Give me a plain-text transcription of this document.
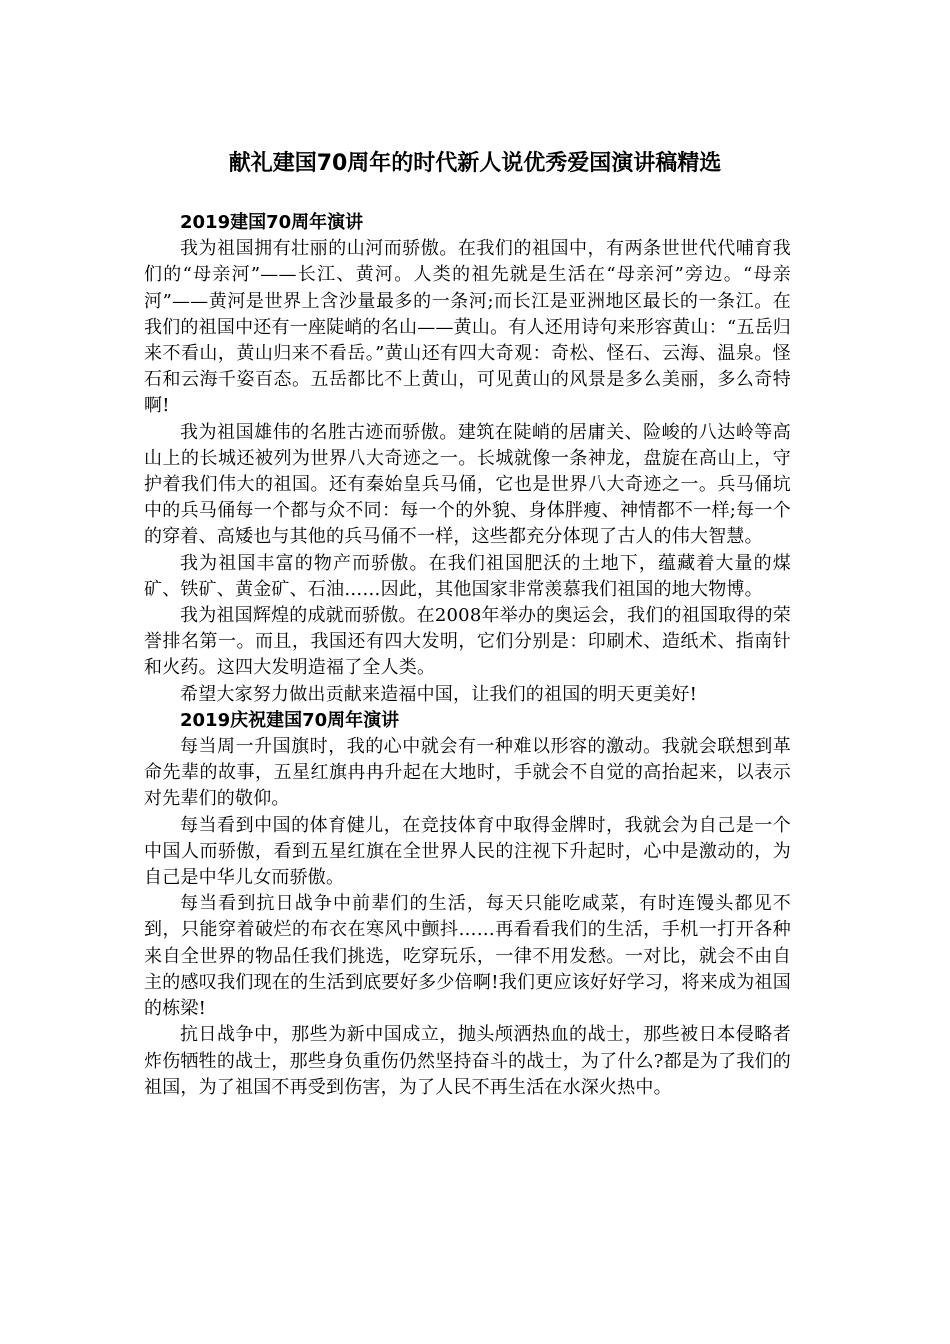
献礼建国70周年的时代新人说优秀爱国演讲稿精选

2019建国70周年演讲

我为祖国拥有壮丽的山河而骄傲。在我们的祖国中，有两条世世代代哺育我们的“母亲河”——长江、黄河。人类的祖先就是生活在“母亲河”旁边。“母亲河”——黄河是世界上含沙量最多的一条河;而长江是亚洲地区最长的一条江。在我们的祖国中还有一座陡峭的名山——黄山。有人还用诗句来形容黄山：“五岳归来不看山，黄山归来不看岳。”黄山还有四大奇观：奇松、怪石、云海、温泉。怪石和云海千姿百态。五岳都比不上黄山，可见黄山的风景是多么美丽，多么奇特啊!

我为祖国雄伟的名胜古迹而骄傲。建筑在陡峭的居庸关、险峻的八达岭等高山上的长城还被列为世界八大奇迹之一。长城就像一条神龙，盘旋在高山上，守护着我们伟大的祖国。还有秦始皇兵马俑，它也是世界八大奇迹之一。兵马俑坑中的兵马俑每一个都与众不同：每一个的外貌、身体胖瘦、神情都不一样;每一个的穿着、高矮也与其他的兵马俑不一样，这些都充分体现了古人的伟大智慧。

我为祖国丰富的物产而骄傲。在我们祖国肥沃的土地下，蕴藏着大量的煤矿、铁矿、黄金矿、石油……因此，其他国家非常羡慕我们祖国的地大物博。

我为祖国辉煌的成就而骄傲。在2008年举办的奥运会，我们的祖国取得的荣誉排名第一。而且，我国还有四大发明，它们分别是：印刷术、造纸术、指南针和火药。这四大发明造福了全人类。

希望大家努力做出贡献来造福中国，让我们的祖国的明天更美好!

2019庆祝建国70周年演讲

每当周一升国旗时，我的心中就会有一种难以形容的激动。我就会联想到革命先辈的故事，五星红旗冉冉升起在大地时，手就会不自觉的高抬起来，以表示对先辈们的敬仰。

每当看到中国的体育健儿，在竞技体育中取得金牌时，我就会为自己是一个中国人而骄傲，看到五星红旗在全世界人民的注视下升起时，心中是激动的，为自己是中华儿女而骄傲。

每当看到抗日战争中前辈们的生活，每天只能吃咸菜，有时连馒头都见不到，只能穿着破烂的布衣在寒风中颤抖……再看看我们的生活，手机一打开各种来自全世界的物品任我们挑选，吃穿玩乐，一律不用发愁。一对比，就会不由自主的感叹我们现在的生活到底要好多少倍啊!我们更应该好好学习，将来成为祖国的栋梁!

抗日战争中，那些为新中国成立，抛头颅洒热血的战士，那些被日本侵略者炸伤牺牲的战士，那些身负重伤仍然坚持奋斗的战士，为了什么?都是为了我们的祖国，为了祖国不再受到伤害，为了人民不再生活在水深火热中。
